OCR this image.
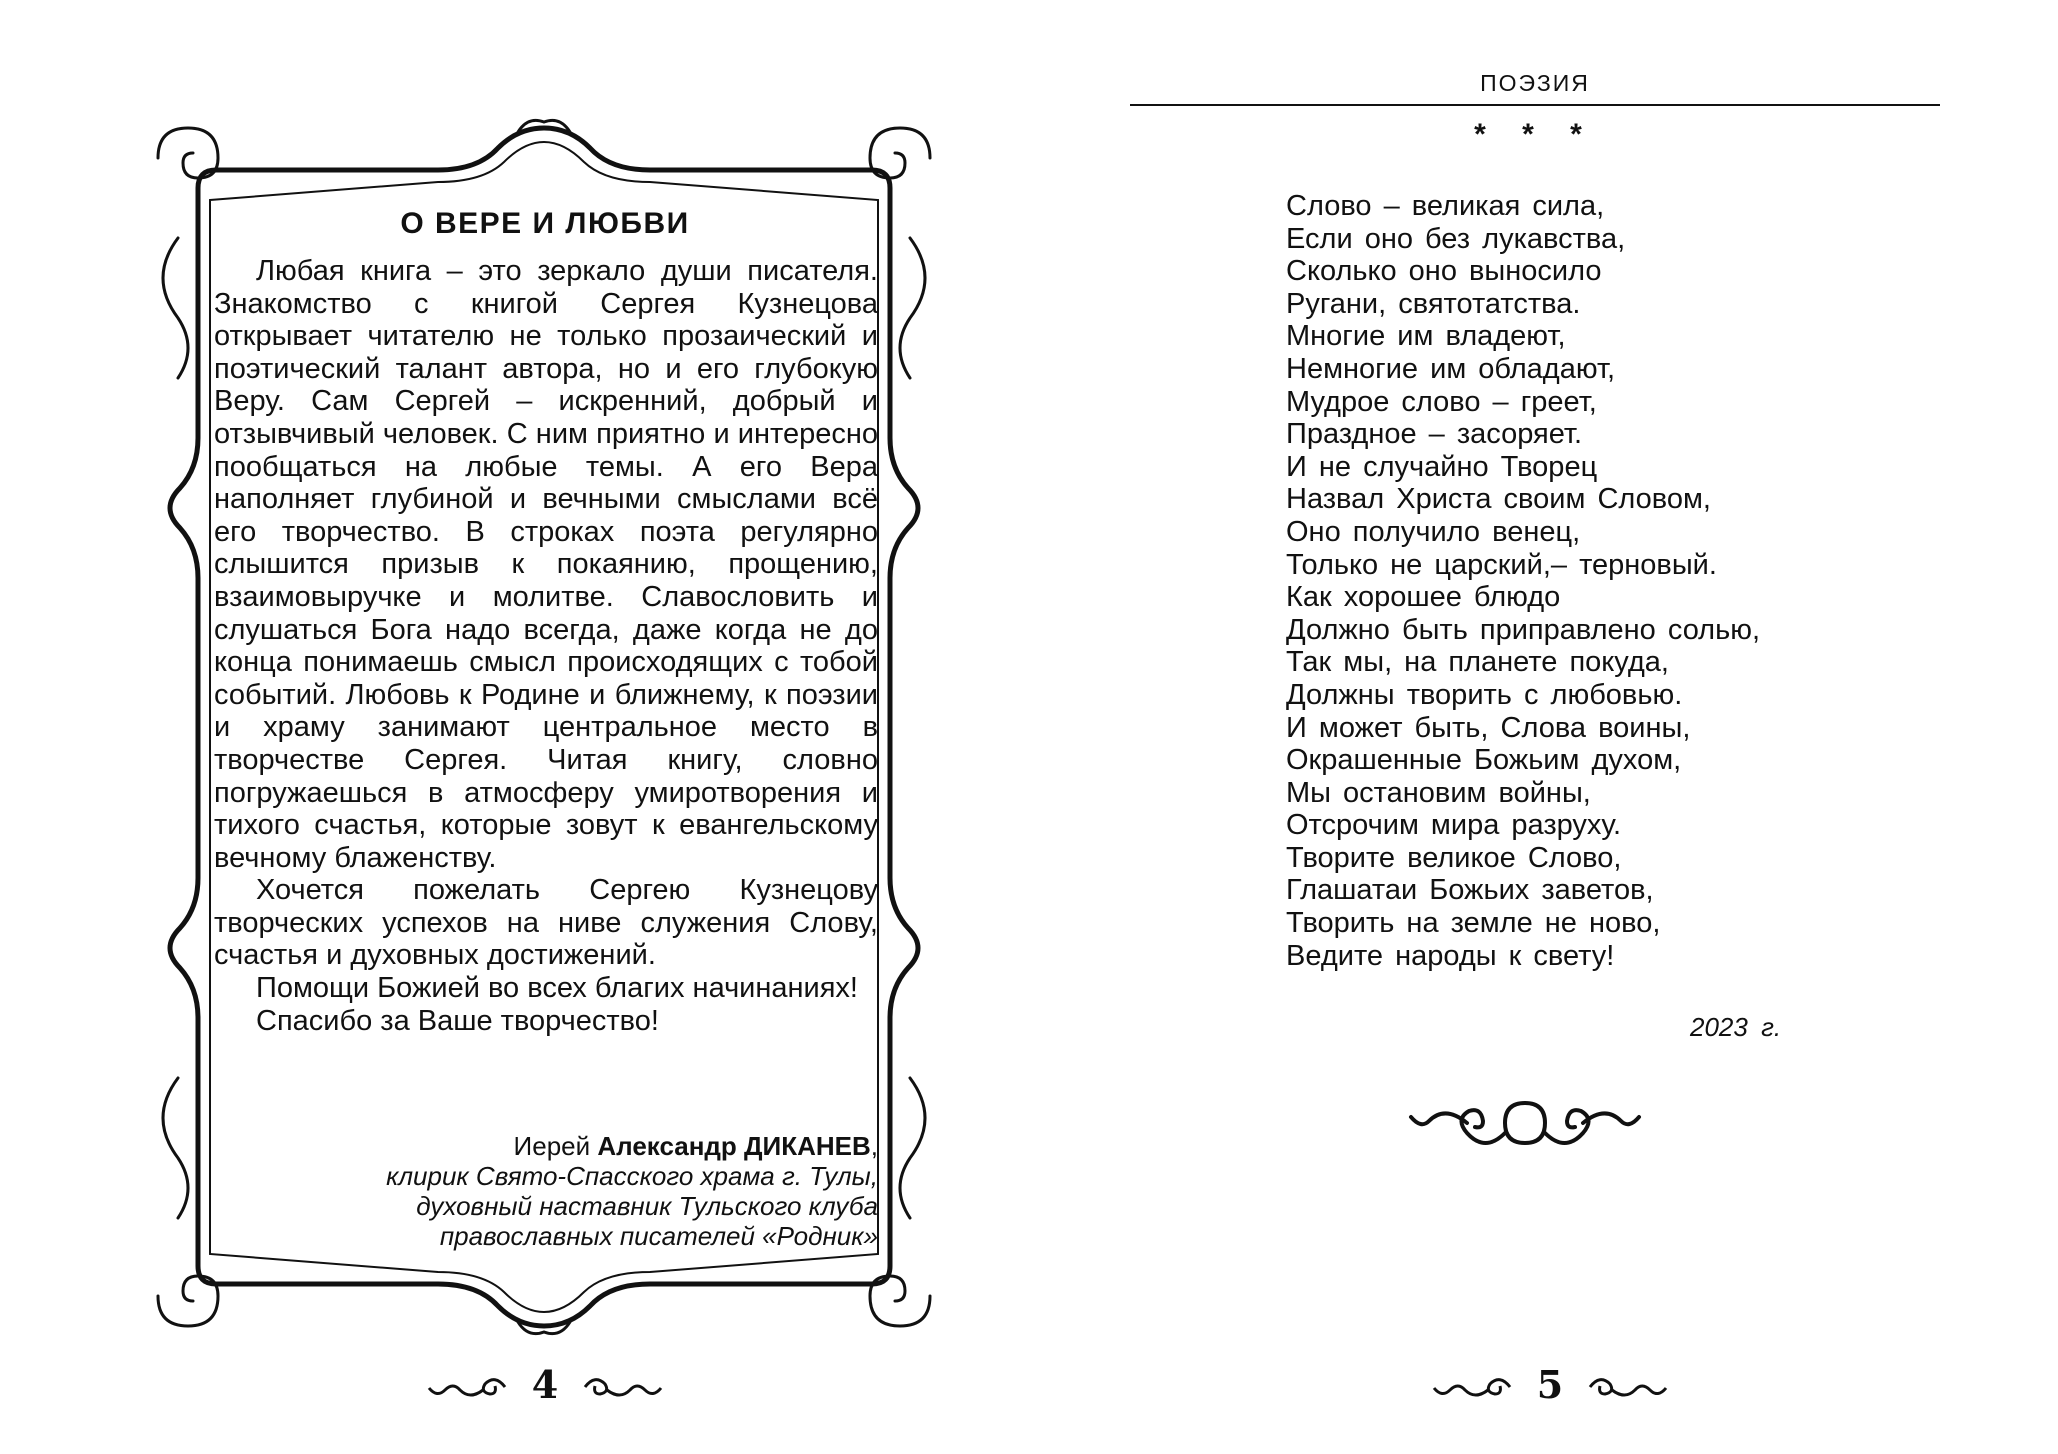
О ВЕРЕ И ЛЮБВИ

Любая книга – это зеркало души писателя. Знакомство с книгой Сергея Кузнецова открывает читателю не только прозаический и поэтический талант автора, но и его глубокую Веру. Сам Сергей – искренний, добрый и отзывчивый человек. С ним приятно и интересно пообщаться на любые темы. А его Вера наполняет глубиной и вечными смыслами всё его творчество. В строках поэта регулярно слышится призыв к покаянию, прощению, взаимовыручке и молитве. Славословить и слушаться Бога надо всегда, даже когда не до конца понимаешь смысл происходящих с тобой событий. Любовь к Родине и ближнему, к поэзии и храму занимают центральное место в творчестве Сергея. Читая книгу, словно погружаешься в атмосферу умиротворения и тихого счастья, которые зовут к евангельскому вечному блаженству.

Хочется пожелать Сергею Кузнецову творческих успехов на ниве служения Слову, счастья и духовных достижений.

Помощи Божией во всех благих начинаниях!

Спасибо за Ваше творчество!

Иерей Александр ДИКАНЕВ,
клирик Свято-Спасского храма г. Тулы,
духовный наставник Тульского клуба
православных писателей «Родник»
4
ПОЭЗИЯ
* * *
Слово – великая сила,
Если оно без лукавства,
Сколько оно выносило
Ругани, святотатства.
Многие им владеют,
Немногие им обладают,
Мудрое слово – греет,
Праздное – засоряет.
И не случайно Творец
Назвал Христа своим Словом,
Оно получило венец,
Только не царский,– терновый.
Как хорошее блюдо
Должно быть приправлено солью,
Так мы, на планете покуда,
Должны творить с любовью.
И может быть, Слова воины,
Окрашенные Божьим духом,
Мы остановим войны,
Отсрочим мира разруху.
Творите великое Слово,
Глашатаи Божьих заветов,
Творить на земле не ново,
Ведите народы к свету!
2023 г.
5
